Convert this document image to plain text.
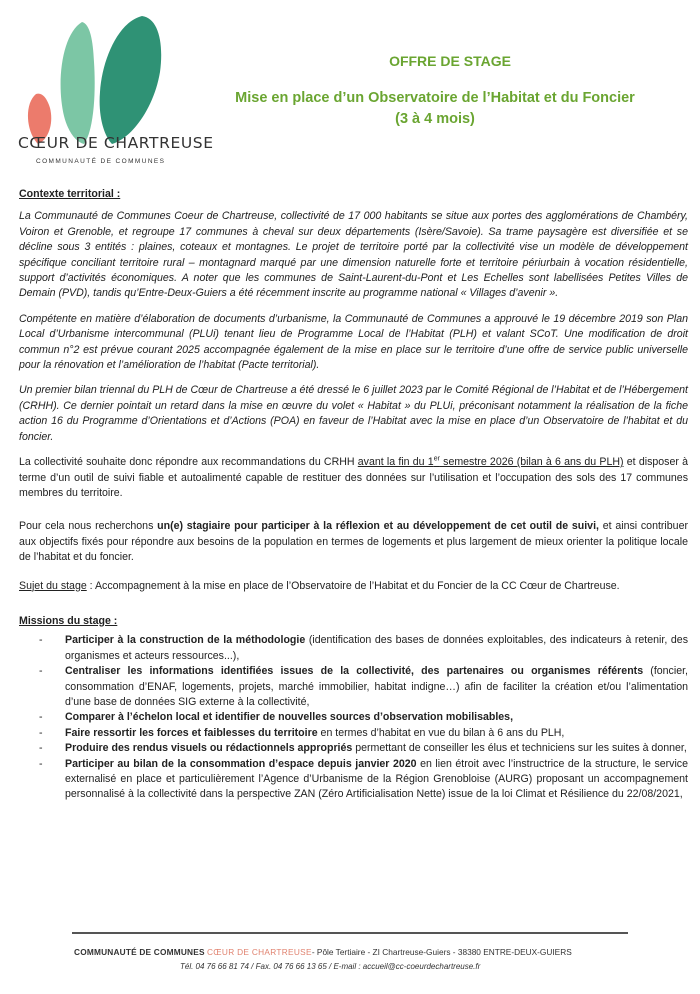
CŒUR DE CHARTREUSE
COMMUNAUTÉ DE COMMUNES
OFFRE DE STAGE
Mise en place d’un Observatoire de l’Habitat et du Foncier
(3 à 4 mois)

Contexte territorial :

La Communauté de Communes Coeur de Chartreuse, collectivité de 17 000 habitants se situe aux portes des agglomérations de Chambéry, Voiron et Grenoble, et regroupe 17 communes à cheval sur deux départements (Isère/Savoie). Sa trame paysagère est diversifiée et se décline sous 3 entités : plaines, coteaux et montagnes. Le projet de territoire porté par la collectivité vise un modèle de développement spécifique conciliant territoire rural – montagnard marqué par une dimension naturelle forte et territoire périurbain à vocation résidentielle, support d’activités économiques. A noter que les communes de Saint-Laurent-du-Pont et Les Echelles sont labellisées Petites Villes de Demain (PVD), tandis qu’Entre-Deux-Guiers a été récemment inscrite au programme national « Villages d’avenir ».

Compétente en matière d’élaboration de documents d’urbanisme, la Communauté de Communes a approuvé le 19 décembre 2019 son Plan Local d’Urbanisme intercommunal (PLUi) tenant lieu de Programme Local de l’Habitat (PLH) et valant SCoT. Une modification de droit commun n°2 est prévue courant 2025 accompagnée également de la mise en place sur le territoire d’une offre de service public universelle pour la rénovation et l’amélioration de l’habitat (Pacte territorial).

Un premier bilan triennal du PLH de Cœur de Chartreuse a été dressé le 6 juillet 2023 par le Comité Régional de l’Habitat et de l’Hébergement (CRHH). Ce dernier pointait un retard dans la mise en œuvre du volet « Habitat » du PLUi, préconisant notamment la réalisation de la fiche action 16 du Programme d’Orientations et d’Actions (POA) en faveur de l’Habitat avec la mise en place d’un Observatoire de l’habitat et du foncier.

La collectivité souhaite donc répondre aux recommandations du CRHH avant la fin du 1er semestre 2026 (bilan à 6 ans du PLH) et disposer à terme d’un outil de suivi fiable et autoalimenté capable de restituer des données sur l’utilisation et l’occupation des sols des 17 communes membres du territoire.

Pour cela nous recherchons un(e) stagiaire pour participer à la réflexion et au développement de cet outil de suivi, et ainsi contribuer aux objectifs fixés pour répondre aux besoins de la population en termes de logements et plus largement de mieux orienter la politique locale de l’habitat et du foncier.

Sujet du stage : Accompagnement à la mise en place de l’Observatoire de l’Habitat et du Foncier de la CC Cœur de Chartreuse.

Missions du stage :

- Participer à la construction de la méthodologie (identification des bases de données exploitables, des indicateurs à retenir, des organismes et acteurs ressources...),
- Centraliser les informations identifiées issues de la collectivité, des partenaires ou organismes référents (foncier, consommation d’ENAF, logements, projets, marché immobilier, habitat indigne…) afin de faciliter la création et/ou l’alimentation d’une base de données SIG externe à la collectivité,
- Comparer à l’échelon local et identifier de nouvelles sources d’observation mobilisables,
- Faire ressortir les forces et faiblesses du territoire en termes d’habitat en vue du bilan à 6 ans du PLH,
- Produire des rendus visuels ou rédactionnels appropriés permettant de conseiller les élus et techniciens sur les suites à donner,
- Participer au bilan de la consommation d’espace depuis janvier 2020 en lien étroit avec l’instructrice de la structure, le service externalisé en place et particulièrement l’Agence d’Urbanisme de la Région Grenobloise (AURG) proposant un accompagnement personnalisé à la collectivité dans la perspective ZAN (Zéro Artificialisation Nette) issue de la loi Climat et Résilience du 22/08/2021,
COMMUNAUTÉ DE COMMUNES CŒUR DE CHARTREUSE- Pôle Tertiaire - ZI Chartreuse-Guiers - 38380 ENTRE-DEUX-GUIERS
Tél. 04 76 66 81 74 / Fax. 04 76 66 13 65 / E-mail : accueil@cc-coeurdechartreuse.fr
